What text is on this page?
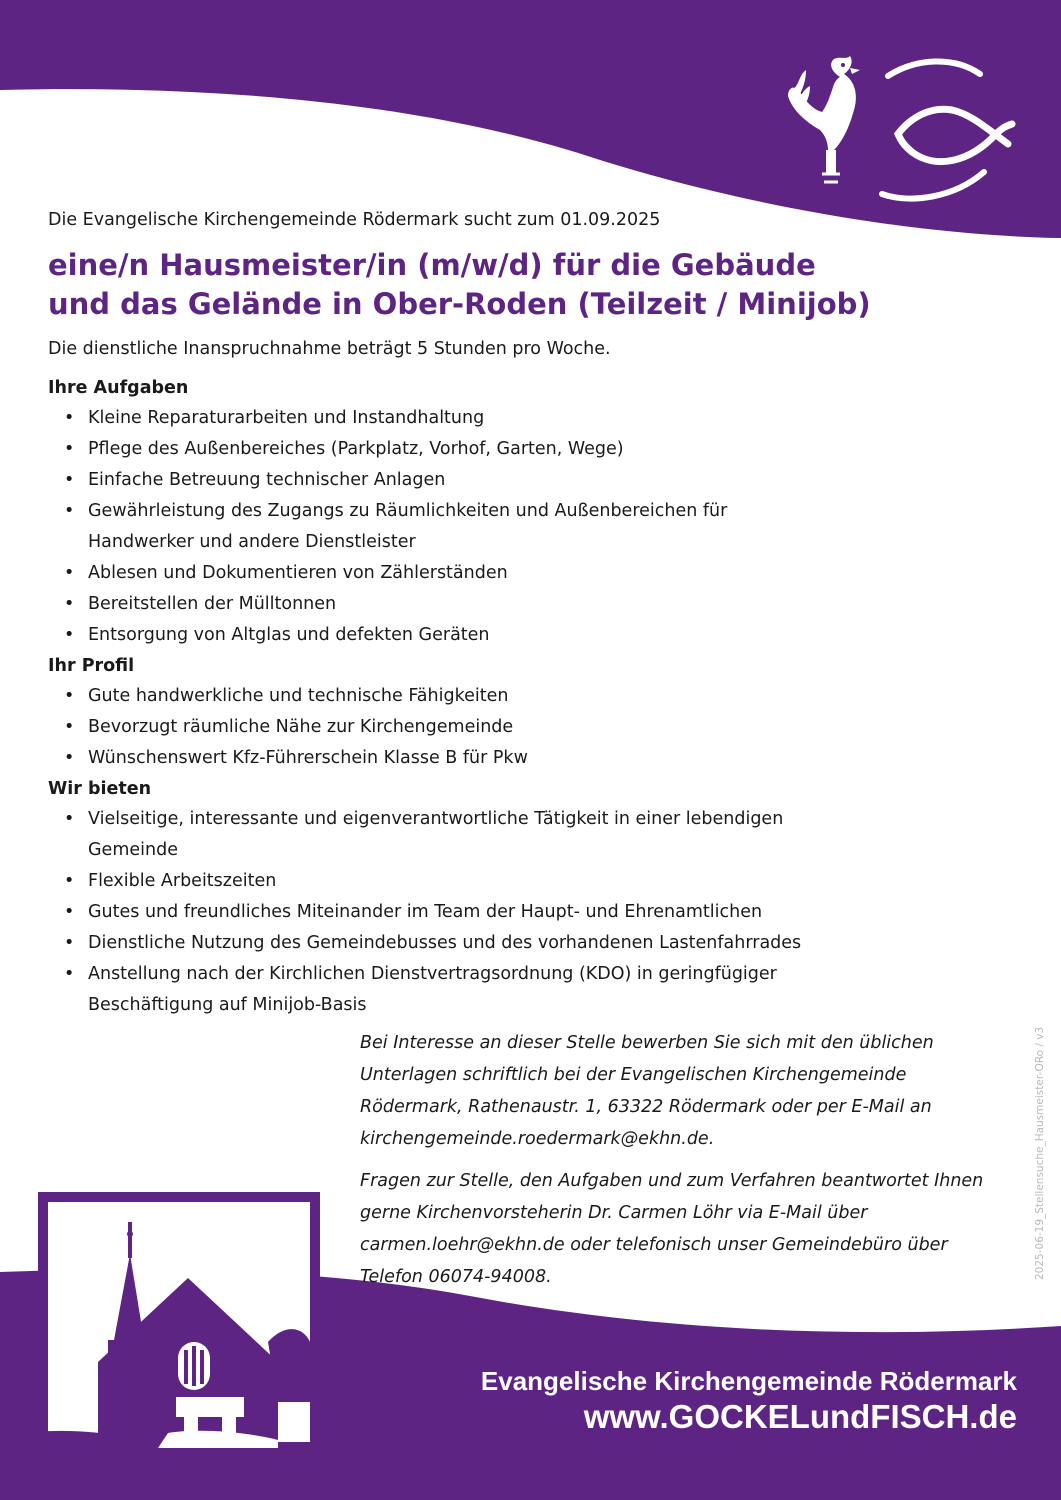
Die Evangelische Kirchengemeinde Rödermark sucht zum 01.09.2025
eine/n Hausmeister/in (m/w/d) für die Gebäude
und das Gelände in Ober-Roden (Teilzeit / Minijob)
Die dienstliche Inanspruchnahme beträgt 5 Stunden pro Woche.
Ihre Aufgaben
• Kleine Reparaturarbeiten und Instandhaltung
• Pflege des Außenbereiches (Parkplatz, Vorhof, Garten, Wege)
• Einfache Betreuung technischer Anlagen
• Gewährleistung des Zugangs zu Räumlichkeiten und Außenbereichen für Handwerker und andere Dienstleister
• Ablesen und Dokumentieren von Zählerständen
• Bereitstellen der Mülltonnen
• Entsorgung von Altglas und defekten Geräten
Ihr Profil
• Gute handwerkliche und technische Fähigkeiten
• Bevorzugt räumliche Nähe zur Kirchengemeinde
• Wünschenswert Kfz-Führerschein Klasse B für Pkw
Wir bieten
• Vielseitige, interessante und eigenverantwortliche Tätigkeit in einer lebendigen Gemeinde
• Flexible Arbeitszeiten
• Gutes und freundliches Miteinander im Team der Haupt- und Ehrenamtlichen
• Dienstliche Nutzung des Gemeindebusses und des vorhandenen Lastenfahrrades
• Anstellung nach der Kirchlichen Dienstvertragsordnung (KDO) in geringfügiger Beschäftigung auf Minijob-Basis

Bei Interesse an dieser Stelle bewerben Sie sich mit den üblichen Unterlagen schriftlich bei der Evangelischen Kirchengemeinde Rödermark, Rathenaustr. 1, 63322 Rödermark oder per E-Mail an kirchengemeinde.roedermark@ekhn.de.

Fragen zur Stelle, den Aufgaben und zum Verfahren beantwortet Ihnen gerne Kirchenvorsteherin Dr. Carmen Löhr via E-Mail über carmen.loehr@ekhn.de oder telefonisch unser Gemeindebüro über Telefon 06074-94008.	2025-06-19_Stellensuche_Hausmeister-ORo / v3
Evangelische Kirchengemeinde Rödermark
www.GOCKELundFISCH.de
